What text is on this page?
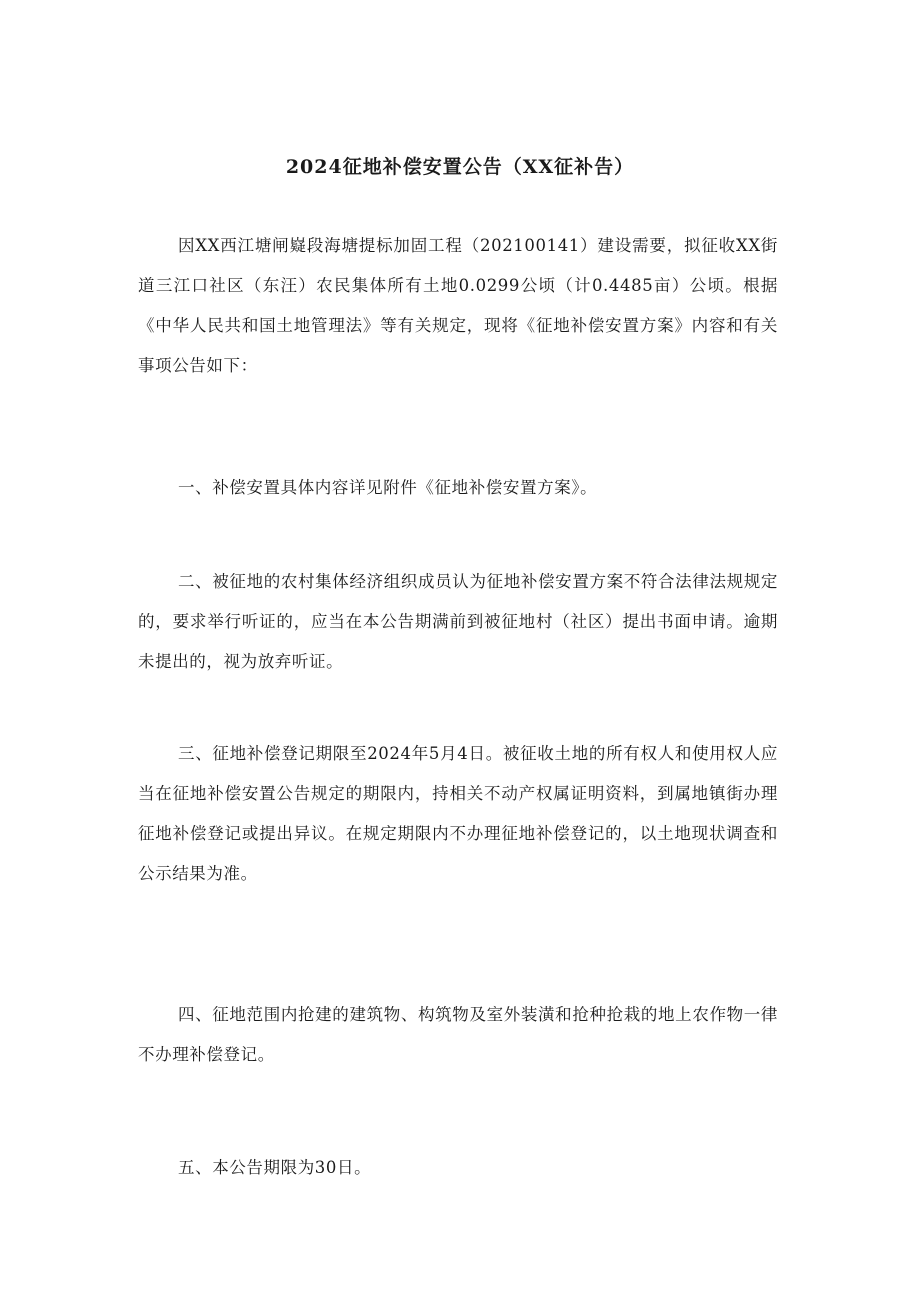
2024征地补偿安置公告（XX征补告）

因XX西江塘闸嶷段海塘提标加固工程（202100141）建设需要，拟征收XX街道三江口社区（东汪）农民集体所有土地0.0299公顷（计0.4485亩）公顷。根据《中华人民共和国土地管理法》等有关规定，现将《征地补偿安置方案》内容和有关事项公告如下：

一、补偿安置具体内容详见附件《征地补偿安置方案》。

二、被征地的农村集体经济组织成员认为征地补偿安置方案不符合法律法规规定的，要求举行听证的，应当在本公告期满前到被征地村（社区）提出书面申请。逾期未提出的，视为放弃听证。

三、征地补偿登记期限至2024年5月4日。被征收土地的所有权人和使用权人应当在征地补偿安置公告规定的期限内，持相关不动产权属证明资料，到属地镇街办理征地补偿登记或提出异议。在规定期限内不办理征地补偿登记的，以土地现状调查和公示结果为准。

四、征地范围内抢建的建筑物、构筑物及室外装潢和抢种抢栽的地上农作物一律不办理补偿登记。

五、本公告期限为30日。
